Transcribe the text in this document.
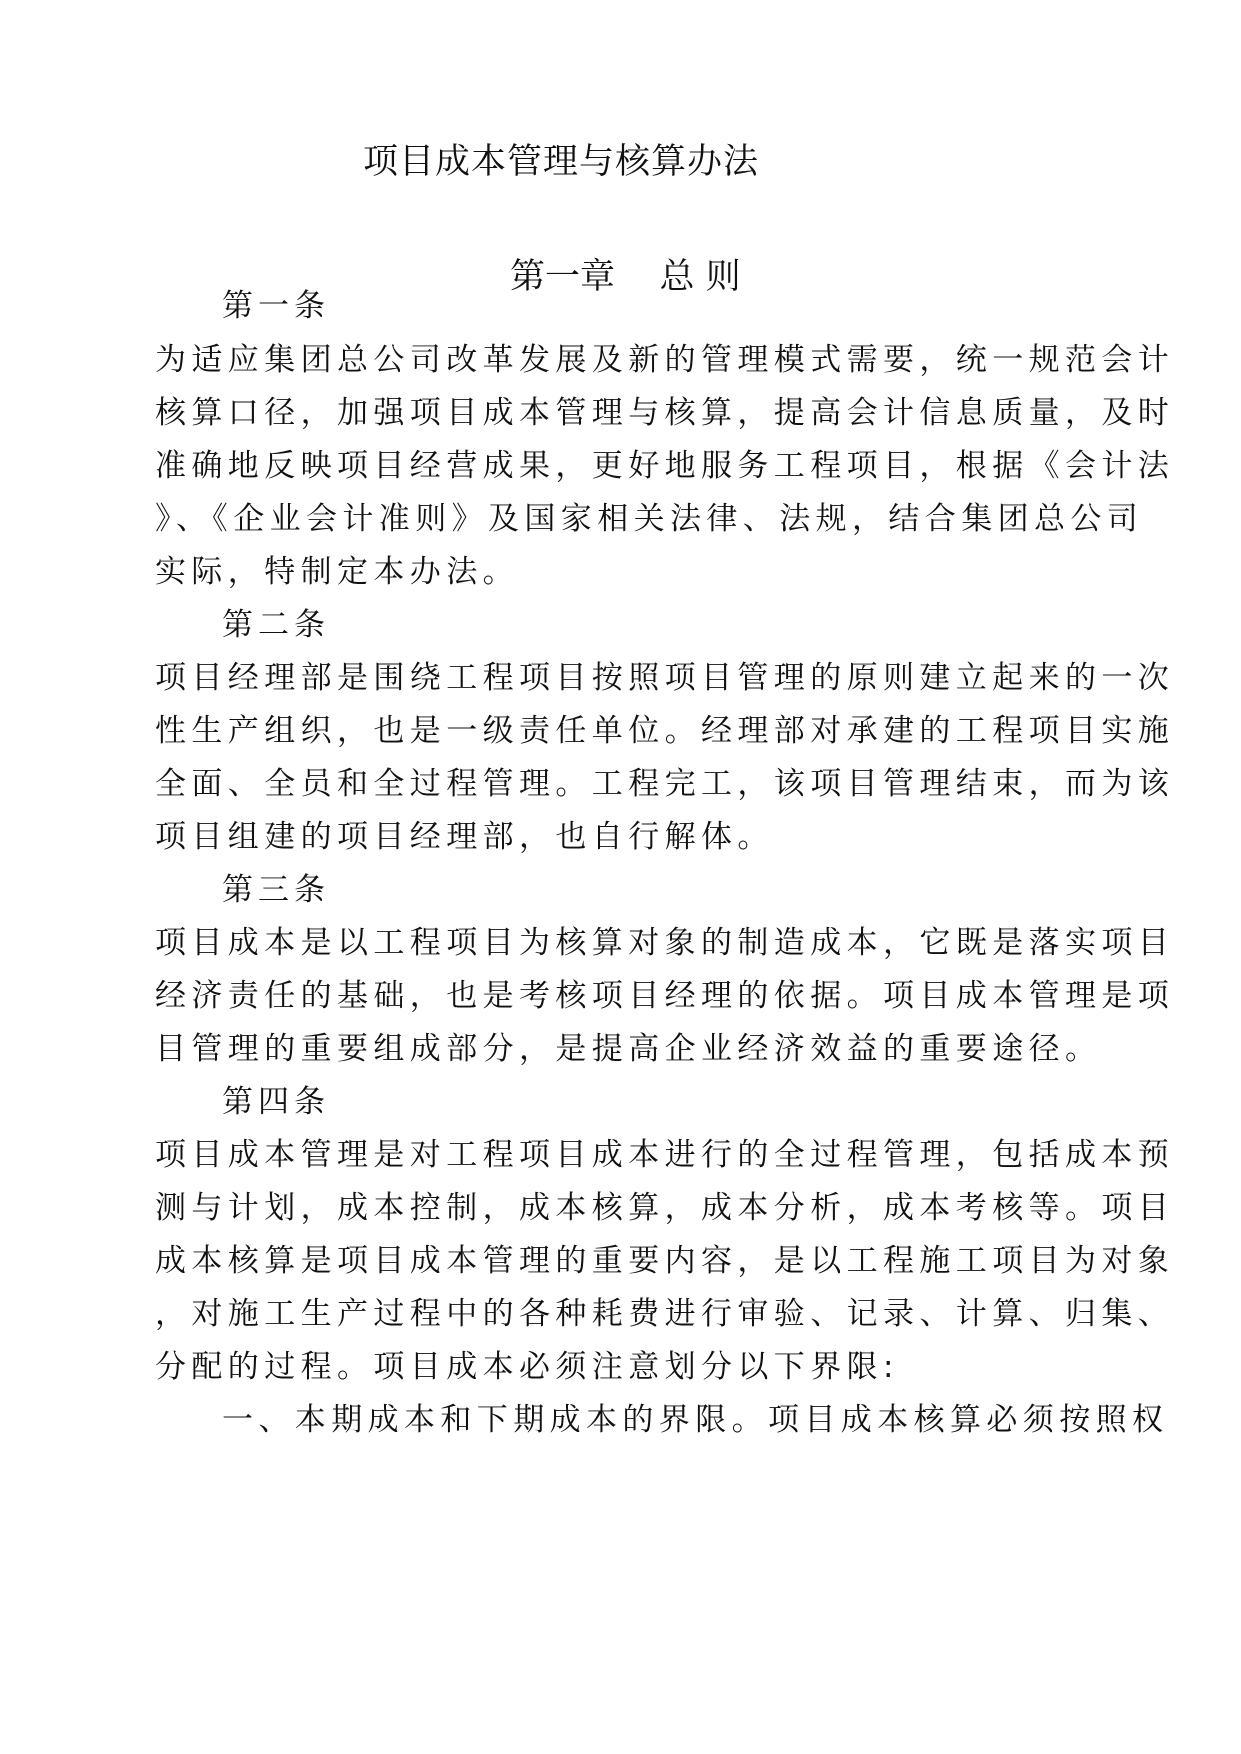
项目成本管理与核算办法
第一章    总 则

第一条

为适应集团总公司改革发展及新的管理模式需要，统一规范会计

核算口径，加强项目成本管理与核算，提高会计信息质量，及时

准确地反映项目经营成果，更好地服务工程项目，根据《会计法

》、《企业会计准则》及国家相关法律、法规，结合集团总公司

实际，特制定本办法。

第二条

项目经理部是围绕工程项目按照项目管理的原则建立起来的一次

性生产组织，也是一级责任单位。经理部对承建的工程项目实施

全面、全员和全过程管理。工程完工，该项目管理结束，而为该

项目组建的项目经理部，也自行解体。

第三条

项目成本是以工程项目为核算对象的制造成本，它既是落实项目

经济责任的基础，也是考核项目经理的依据。项目成本管理是项

目管理的重要组成部分，是提高企业经济效益的重要途径。

第四条

项目成本管理是对工程项目成本进行的全过程管理，包括成本预

测与计划，成本控制，成本核算，成本分析，成本考核等。项目

成本核算是项目成本管理的重要内容，是以工程施工项目为对象

，对施工生产过程中的各种耗费进行审验、记录、计算、归集、

分配的过程。项目成本必须注意划分以下界限:

一、本期成本和下期成本的界限。项目成本核算必须按照权
